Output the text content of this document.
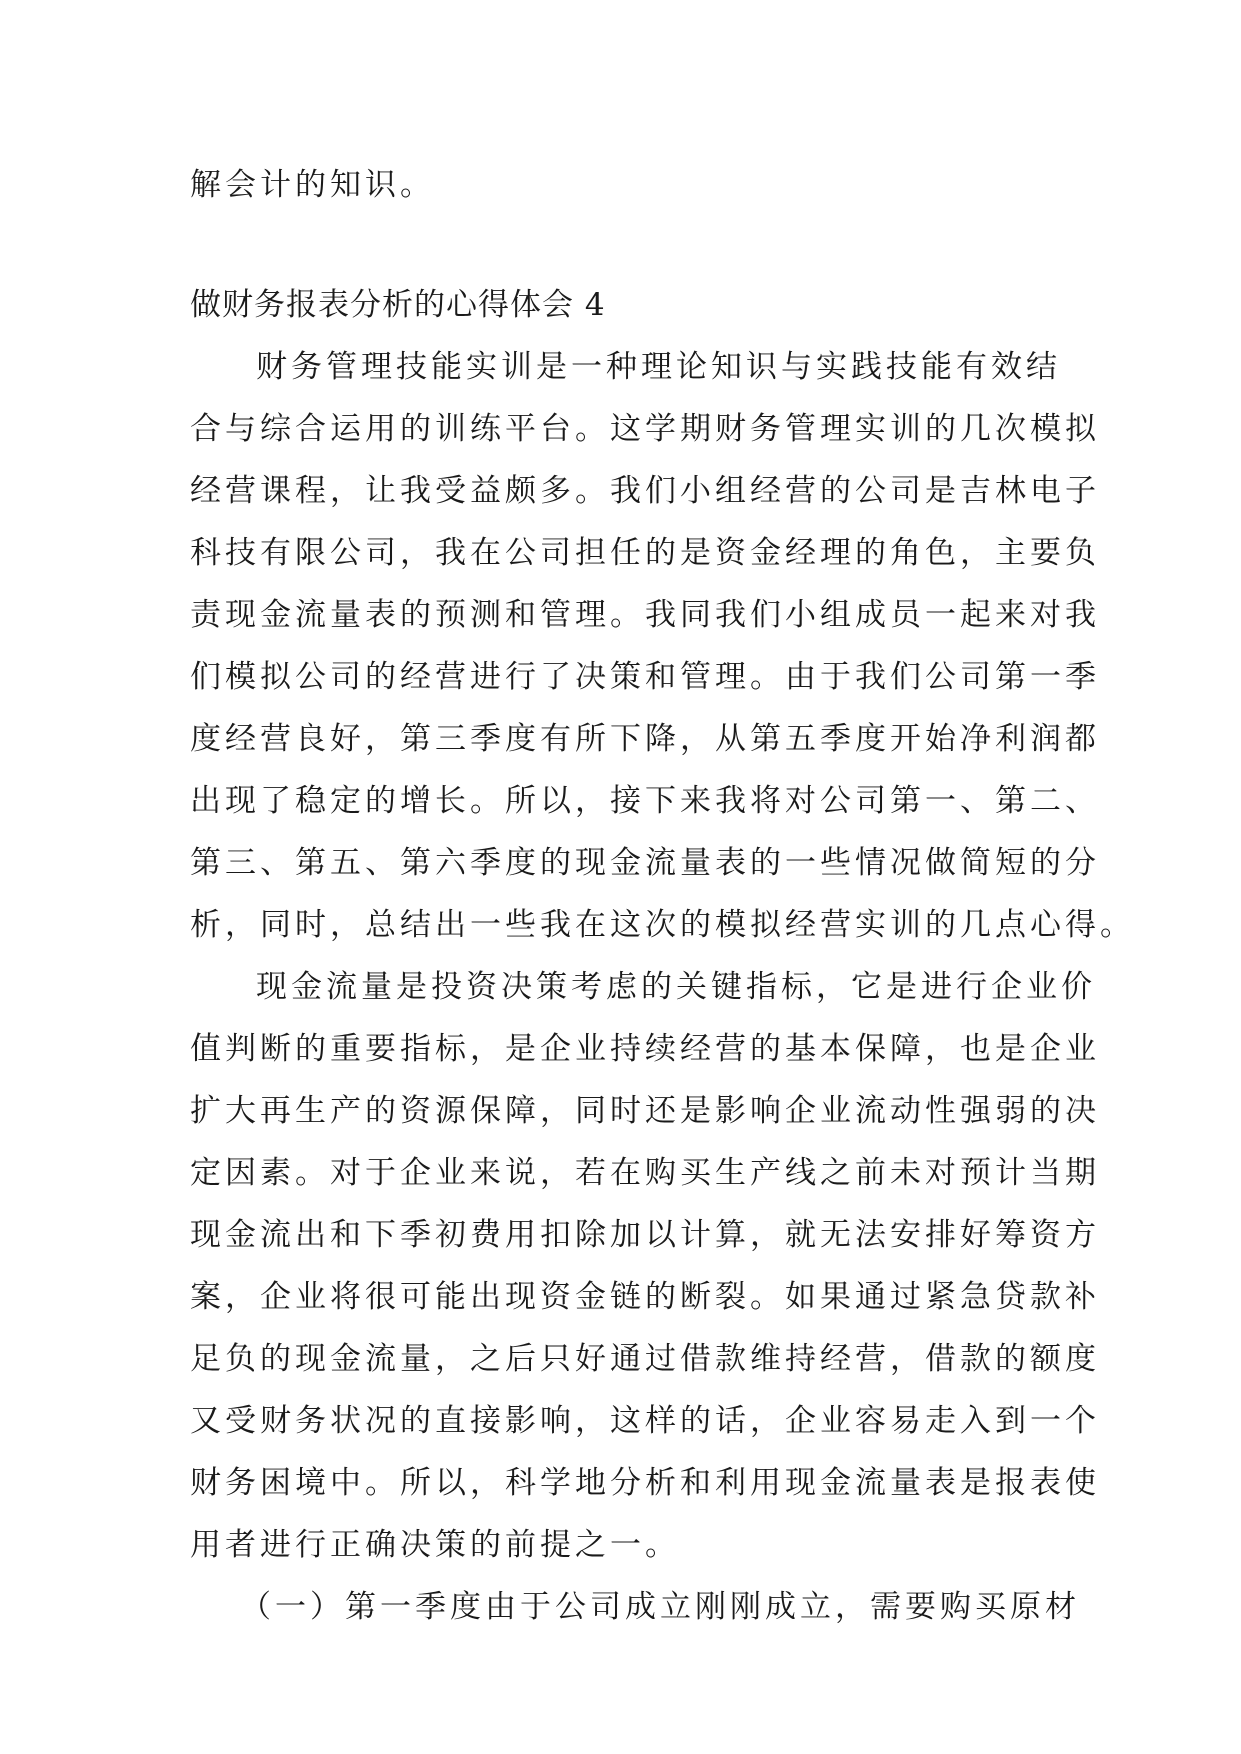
解会计的知识。
做财务报表分析的心得体会 4
财务管理技能实训是一种理论知识与实践技能有效结
合与综合运用的训练平台。这学期财务管理实训的几次模拟
经营课程，让我受益颇多。我们小组经营的公司是吉林电子
科技有限公司，我在公司担任的是资金经理的角色，主要负
责现金流量表的预测和管理。我同我们小组成员一起来对我
们模拟公司的经营进行了决策和管理。由于我们公司第一季
度经营良好，第三季度有所下降，从第五季度开始净利润都
出现了稳定的增长。所以，接下来我将对公司第一、第二、
第三、第五、第六季度的现金流量表的一些情况做简短的分
析，同时，总结出一些我在这次的模拟经营实训的几点心得。
现金流量是投资决策考虑的关键指标，它是进行企业价
值判断的重要指标，是企业持续经营的基本保障，也是企业
扩大再生产的资源保障，同时还是影响企业流动性强弱的决
定因素。对于企业来说，若在购买生产线之前未对预计当期
现金流出和下季初费用扣除加以计算，就无法安排好筹资方
案，企业将很可能出现资金链的断裂。如果通过紧急贷款补
足负的现金流量，之后只好通过借款维持经营，借款的额度
又受财务状况的直接影响，这样的话，企业容易走入到一个
财务困境中。所以，科学地分析和利用现金流量表是报表使
用者进行正确决策的前提之一。
（一）第一季度由于公司成立刚刚成立，需要购买原材
